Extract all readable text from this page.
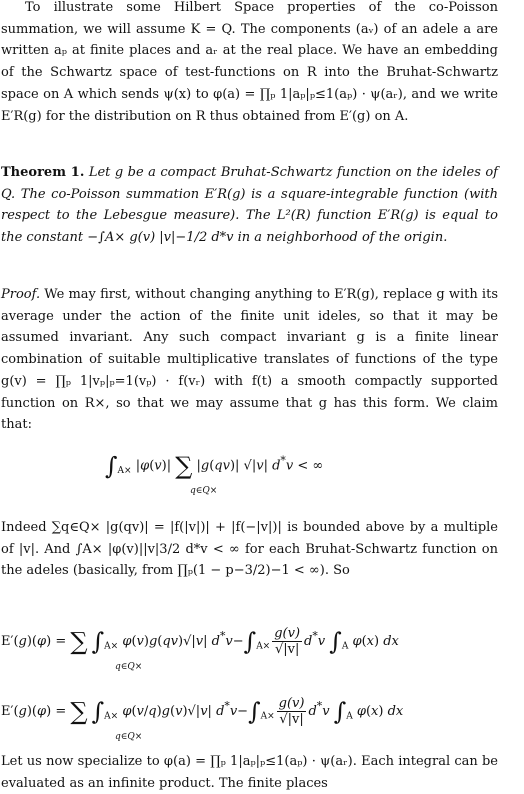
To illustrate some Hilbert Space properties of the co-Poisson summation, we will assume K = Q. The components (aᵥ) of an adele a are written aₚ at finite places and aᵣ at the real place. We have an embedding of the Schwartz space of test-functions on R into the Bruhat-Schwartz space on A which sends ψ(x) to φ(a) = ∏ₚ 1|aₚ|ₚ≤1(aₚ) · ψ(aᵣ), and we write E′R(g) for the distribution on R thus obtained from E′(g) on A.

Theorem 1. Let g be a compact Bruhat-Schwartz function on the ideles of Q. The co-Poisson summation E′R(g) is a square-integrable function (with respect to the Lebesgue measure). The L²(R) function E′R(g) is equal to the constant −∫A× g(v) |v|−1/2 d*v in a neighborhood of the origin.

Proof. We may first, without changing anything to E′R(g), replace g with its average under the action of the finite unit ideles, so that it may be assumed invariant. Any such compact invariant g is a finite linear combination of suitable multiplicative translates of functions of the type g(v) = ∏ₚ 1|vₚ|ₚ=1(vₚ) · f(vᵣ) with f(t) a smooth compactly supported function on R×, so that we may assume that g has this form. We claim that:

$\int_{A\times}$ |φ(v)| ∑ |g(qv)| √|v| d*v < ∞
q∈Q×

Indeed ∑q∈Q× |g(qv)| = |f(|v|)| + |f(−|v|)| is bounded above by a multiple of |v|. And ∫A× |φ(v)||v|3/2 d*v < ∞ for each Bruhat-Schwartz function on the adeles (basically, from ∏ₚ(1 − p−3/2)−1 < ∞). So

E′(g)(φ) = ∑ $\int_{A\times}$ φ(v)g(qv)√|v| $d^*v-\int_{A\times} \frac{g(v)}{√|v|} d^*v$ $\int_A$ φ(x) dx
q∈Q×
E′(g)(φ) = ∑ $\int_{A\times}$ φ(v/q)g(v)√|v| $d^*v-\int_{A\times} \frac{g(v)}{√|v|} d^*v$ $\int_A$ φ(x) dx
q∈Q×

Let us now specialize to φ(a) = ∏ₚ 1|aₚ|ₚ≤1(aₚ) · ψ(aᵣ). Each integral can be evaluated as an infinite product. The finite places
